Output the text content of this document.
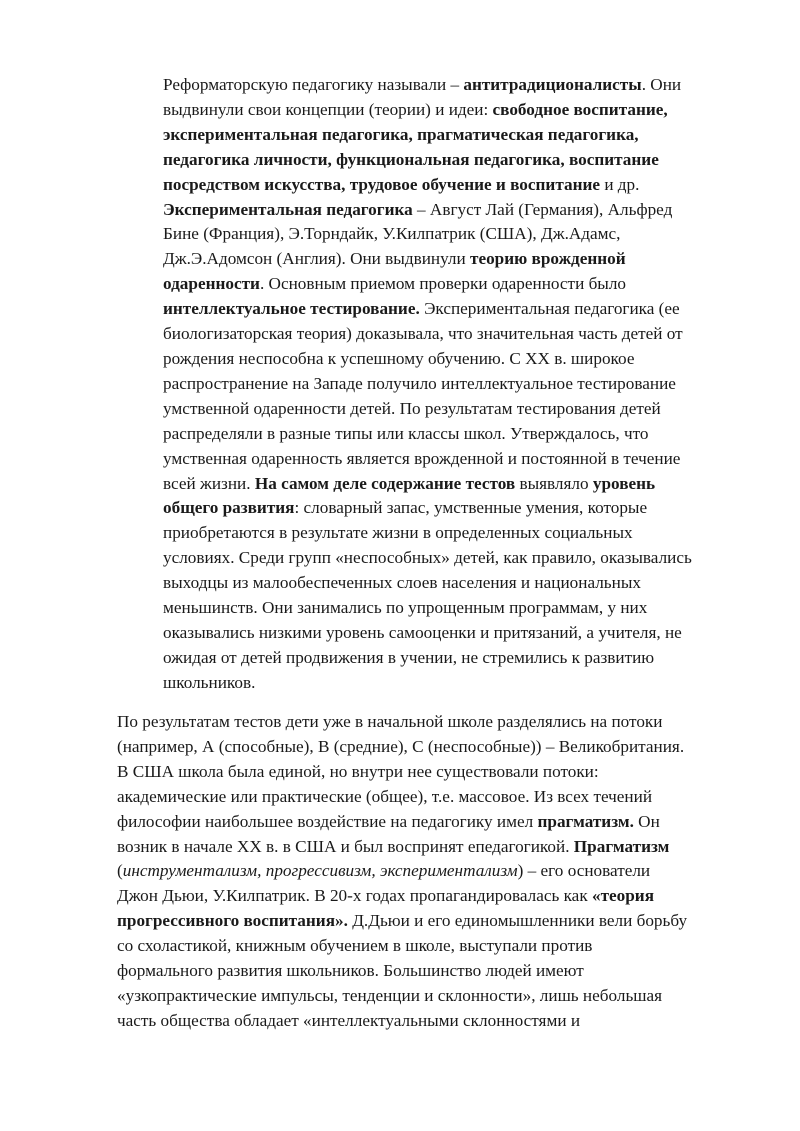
Реформаторскую педагогику называли – антитрадиционалисты. Они
выдвинули свои концепции (теории) и идеи: свободное воспитание,
экспериментальная педагогика, прагматическая педагогика,
педагогика личности, функциональная педагогика, воспитание
посредством искусства, трудовое обучение и воспитание и др.
Экспериментальная педагогика – Август Лай (Германия), Альфред
Бине (Франция), Э.Торндайк, У.Килпатрик (США), Дж.Адамс,
Дж.Э.Адомсон (Англия). Они выдвинули теорию врожденной
одаренности. Основным приемом проверки одаренности было
интеллектуальное тестирование. Экспериментальная педагогика (ее
биологизаторская теория) доказывала, что значительная часть детей от
рождения неспособна к успешному обучению. С XX в. широкое
распространение на Западе получило интеллектуальное тестирование
умственной одаренности детей. По результатам тестирования детей
распределяли в разные типы или классы школ. Утверждалось, что
умственная одаренность является врожденной и постоянной в течение
всей жизни. На самом деле содержание тестов выявляло уровень
общего развития: словарный запас, умственные умения, которые
приобретаются в результате жизни в определенных социальных
условиях. Среди групп «неспособных» детей, как правило, оказывались
выходцы из малообеспеченных слоев населения и национальных
меньшинств. Они занимались по упрощенным программам, у них
оказывались низкими уровень самооценки и притязаний, а учителя, не
ожидая от детей продвижения в учении, не стремились к развитию
школьников.
По результатам тестов дети уже в начальной школе разделялись на потоки
(например, А (способные), В (средние), С (неспособные)) – Великобритания.
В США школа была единой, но внутри нее существовали потоки:
академические или практические (общее), т.е. массовое. Из всех течений
философии наибольшее воздействие на педагогику имел прагматизм. Он
возник в начале XX в. в США и был воспринят епедагогикой. Прагматизм
(инструментализм, прогрессивизм, экспериментализм) – его основатели
Джон Дьюи, У.Килпатрик. В 20-х годах пропагандировалась как «теория
прогрессивного воспитания». Д.Дьюи и его единомышленники вели борьбу
со схоластикой, книжным обучением в школе, выступали против
формального развития школьников. Большинство людей имеют
«узкопрактические импульсы, тенденции и склонности», лишь небольшая
часть общества обладает «интеллектуальными склонностями и
